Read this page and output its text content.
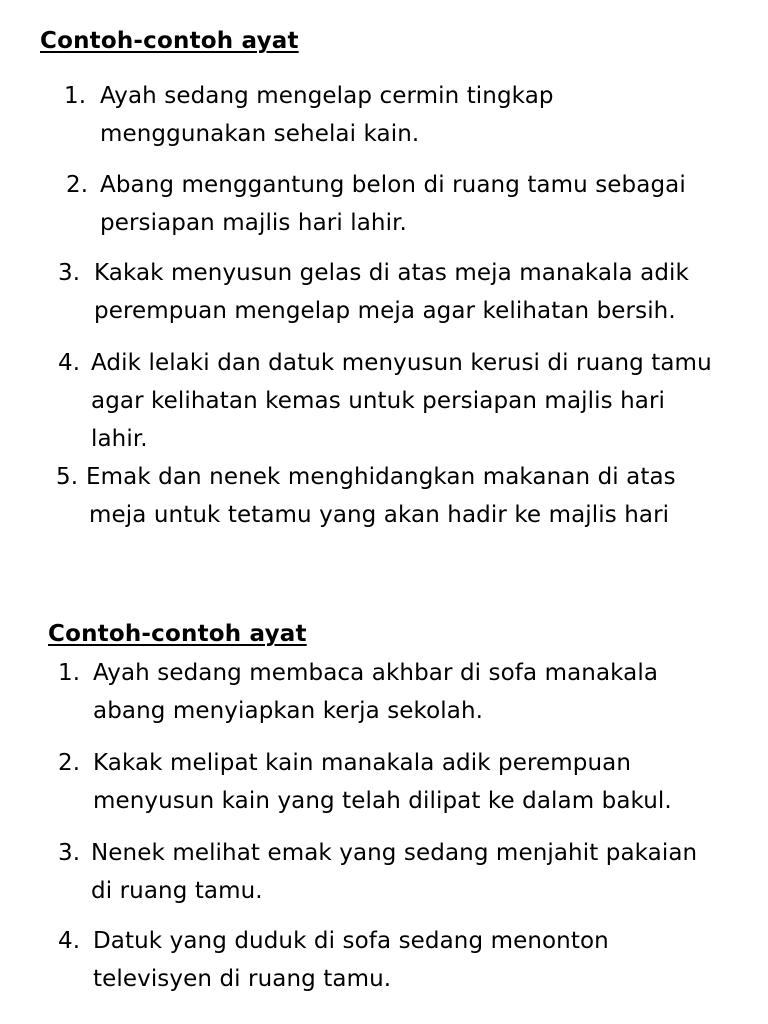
Contoh-contoh ayat
1. Ayah sedang mengelap cermin tingkap
menggunakan sehelai kain.
2. Abang menggantung belon di ruang tamu sebagai
persiapan majlis hari lahir.
3. Kakak menyusun gelas di atas meja manakala adik
perempuan mengelap meja agar kelihatan bersih.
4. Adik lelaki dan datuk menyusun kerusi di ruang tamu
agar kelihatan kemas untuk persiapan majlis hari
lahir.
5. Emak dan nenek menghidangkan makanan di atas
meja untuk tetamu yang akan hadir ke majlis hari
Contoh-contoh ayat
1. Ayah sedang membaca akhbar di sofa manakala
abang menyiapkan kerja sekolah.
2. Kakak melipat kain manakala adik perempuan
menyusun kain yang telah dilipat ke dalam bakul.
3. Nenek melihat emak yang sedang menjahit pakaian
di ruang tamu.
4. Datuk yang duduk di sofa sedang menonton
televisyen di ruang tamu.
